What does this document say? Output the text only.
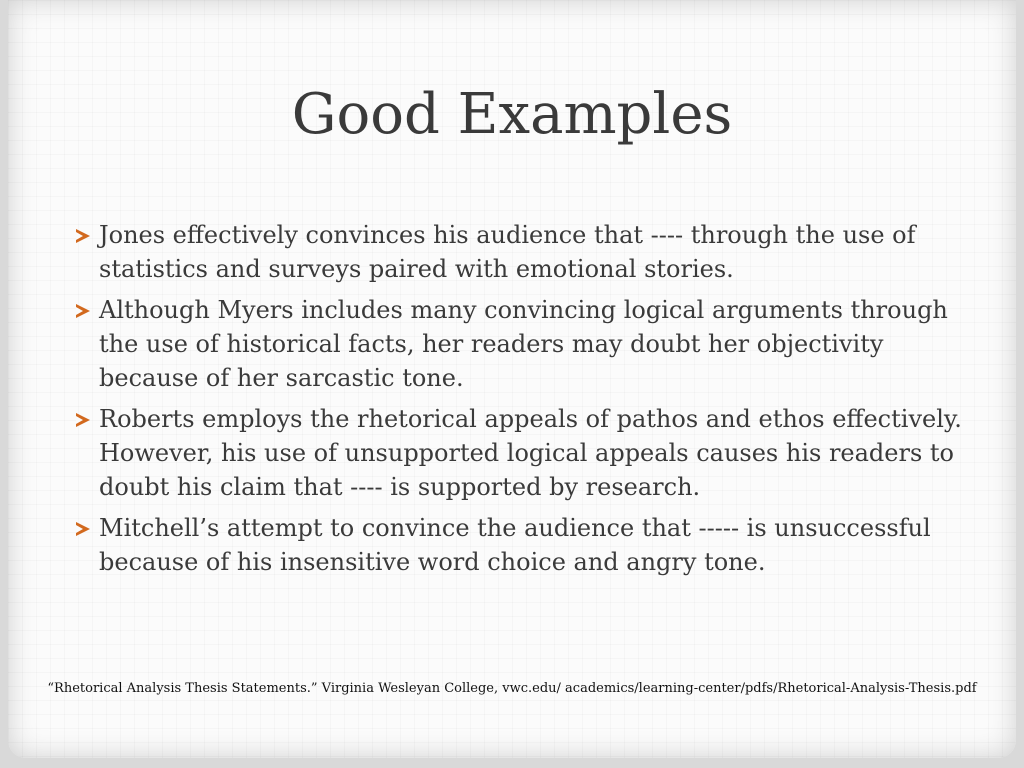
Good Examples
Jones effectively convinces his audience that ---- through the use of statistics and surveys paired with emotional stories.
Although Myers includes many convincing logical arguments through the use of historical facts, her readers may doubt her objectivity because of her sarcastic tone.
Roberts employs the rhetorical appeals of pathos and ethos effectively. However, his use of unsupported logical appeals causes his readers to doubt his claim that ---- is supported by research.
Mitchell’s attempt to convince the audience that ----- is unsuccessful because of his insensitive word choice and angry tone.
“Rhetorical Analysis Thesis Statements.” Virginia Wesleyan College, vwc.edu/ academics/learning-center/pdfs/Rhetorical-Analysis-Thesis.pdf
